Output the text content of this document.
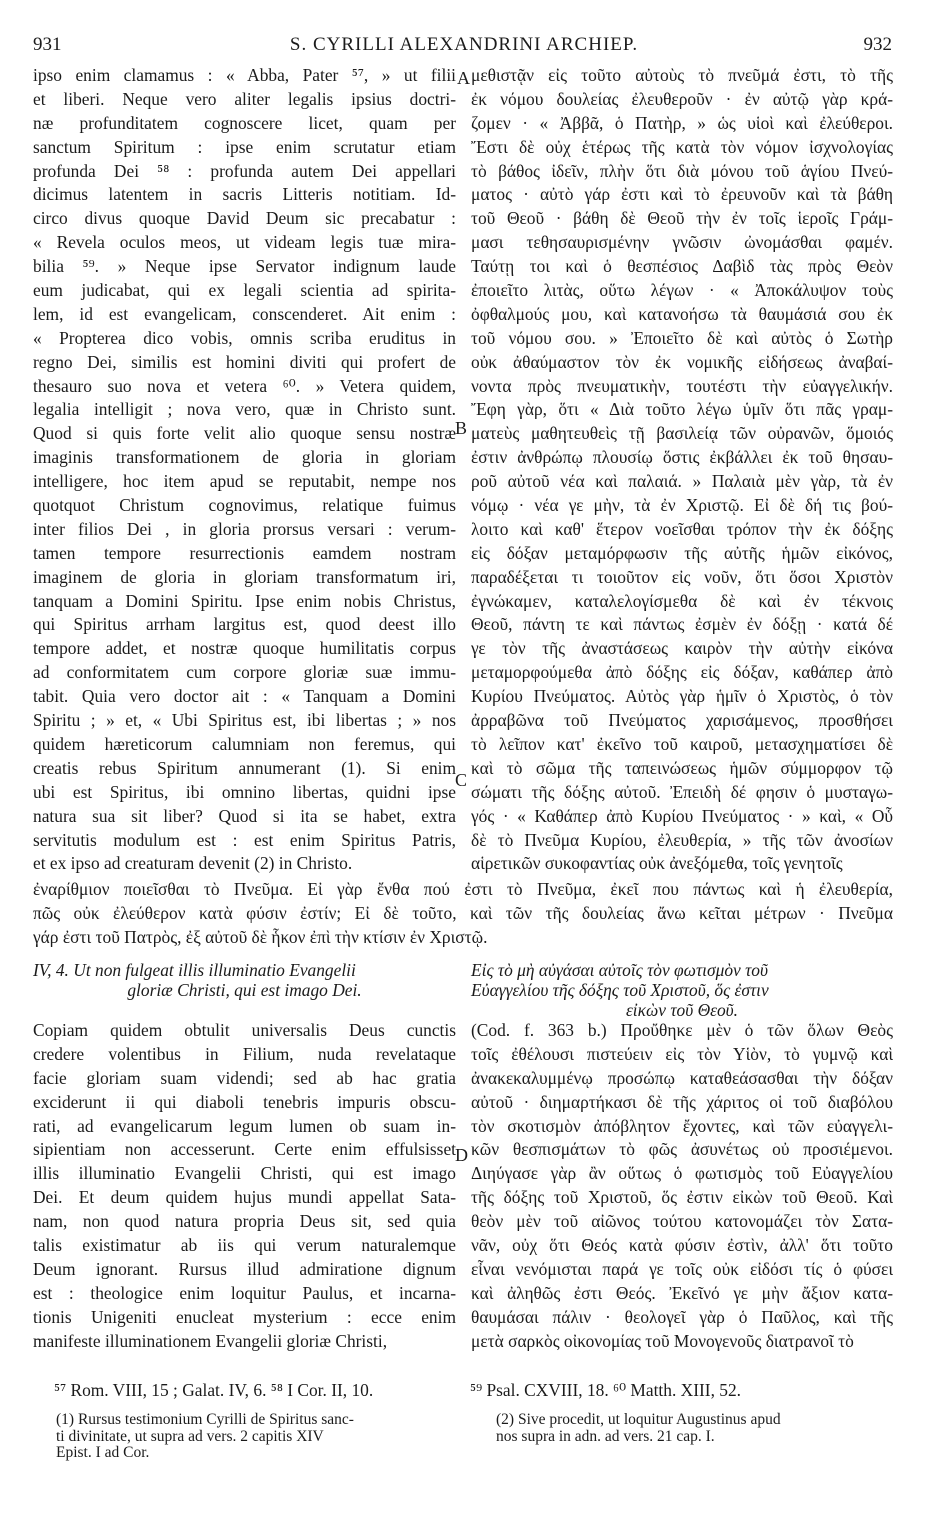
931	S. CYRILLI ALEXANDRINI ARCHIEP.	932
ipso enim clamamus : « Abba, Pater ⁵⁷, » ut filii
et liberi. Neque vero aliter legalis ipsius doctri-
næ profunditatem cognoscere licet, quam per
sanctum Spiritum : ipse enim scrutatur etiam
profunda Dei ⁵⁸ : profunda autem Dei appellari
dicimus latentem in sacris Litteris notitiam. Id-
circo divus quoque David Deum sic precabatur :
« Revela oculos meos, ut videam legis tuæ mira-
bilia ⁵⁹. » Neque ipse Servator indignum laude
eum judicabat, qui ex legali scientia ad spirita-
lem, id est evangelicam, conscenderet. Ait enim :
« Propterea dico vobis, omnis scriba eruditus in
regno Dei, similis est homini diviti qui profert de
thesauro suo nova et vetera ⁶⁰. » Vetera quidem,
legalia intelligit ; nova vero, quæ in Christo sunt.
Quod si quis forte velit alio quoque sensu nostræ
imaginis transformationem de gloria in gloriam
intelligere, hoc item apud se reputabit, nempe nos
quotquot Christum cognovimus, relatique fuimus
inter filios Dei , in gloria prorsus versari : verum-
tamen tempore resurrectionis eamdem nostram
imaginem de gloria in gloriam transformatum iri,
tanquam a Domini Spiritu. Ipse enim nobis Christus,
qui Spiritus arrham largitus est, quod deest illo
tempore addet, et nostræ quoque humilitatis corpus
ad conformitatem cum corpore gloriæ suæ immu-
tabit. Quia vero doctor ait : « Tanquam a Domini
Spiritu ; » et, « Ubi Spiritus est, ibi libertas ; » nos
quidem hæreticorum calumniam non feremus, qui
creatis rebus Spiritum annumerant (1). Si enim
ubi est Spiritus, ibi omnino libertas, quidni ipse
natura sua sit liber? Quod si ita se habet, extra
servitutis modulum est : est enim Spiritus Patris,
et ex ipso ad creaturam devenit (2) in Christo.
μεθιστᾷν εἰς τοῦτο αὐτοὺς τὸ πνεῦμά ἐστι, τὸ τῆς
ἐκ νόμου δουλείας ἐλευθεροῦν · ἐν αὐτῷ γὰρ κρά-
ζομεν · « Ἀββᾶ, ὁ Πατὴρ, » ὡς υἱοὶ καὶ ἐλεύθεροι.
Ἔστι δὲ οὐχ ἑτέρως τῆς κατὰ τὸν νόμον ἰσχνολογίας
τὸ βάθος ἰδεῖν, πλὴν ὅτι διὰ μόνου τοῦ ἁγίου Πνεύ-
ματος · αὐτὸ γάρ ἐστι καὶ τὸ ἐρευνοῦν καὶ τὰ βάθη
τοῦ Θεοῦ · βάθη δὲ Θεοῦ τὴν ἐν τοῖς ἱεροῖς Γράμ-
μασι τεθησαυρισμένην γνῶσιν ὠνομάσθαι φαμέν.
Ταύτῃ τοι καὶ ὁ θεσπέσιος Δαβὶδ τὰς πρὸς Θεὸν
ἐποιεῖτο λιτὰς, οὕτω λέγων · « Ἀποκάλυψον τοὺς
ὀφθαλμούς μου, καὶ κατανοήσω τὰ θαυμάσιά σου ἐκ
τοῦ νόμου σου. » Ἐποιεῖτο δὲ καὶ αὐτὸς ὁ Σωτὴρ
οὐκ ἀθαύμαστον τὸν ἐκ νομικῆς εἰδήσεως ἀναβαί-
νοντα πρὸς πνευματικὴν, τουτέστι τὴν εὐαγγελικήν.
Ἔφη γὰρ, ὅτι « Διὰ τοῦτο λέγω ὑμῖν ὅτι πᾶς γραμ-
ματεὺς μαθητευθεὶς τῇ βασιλείᾳ τῶν οὐρανῶν, ὅμοιός
ἐστιν ἀνθρώπῳ πλουσίῳ ὅστις ἐκβάλλει ἐκ τοῦ θησαυ-
ροῦ αὐτοῦ νέα καὶ παλαιά. » Παλαιὰ μὲν γὰρ, τὰ ἐν
νόμῳ · νέα γε μὴν, τὰ ἐν Χριστῷ. Εἰ δὲ δή τις βού-
λοιτο καὶ καθ' ἕτερον νοεῖσθαι τρόπον τὴν ἐκ δόξης
εἰς δόξαν μεταμόρφωσιν τῆς αὐτῆς ἡμῶν εἰκόνος,
παραδέξεται τι τοιοῦτον εἰς νοῦν, ὅτι ὅσοι Χριστὸν
ἐγνώκαμεν, καταλελογίσμεθα δὲ καὶ ἐν τέκνοις
Θεοῦ, πάντη τε καὶ πάντως ἐσμὲν ἐν δόξῃ · κατά δέ
γε τὸν τῆς ἀναστάσεως καιρὸν τὴν αὐτὴν εἰκόνα
μεταμορφούμεθα ἀπὸ δόξης εἰς δόξαν, καθάπερ ἀπὸ
Κυρίου Πνεύματος. Αὐτὸς γὰρ ἡμῖν ὁ Χριστὸς, ὁ τὸν
ἀρραβῶνα τοῦ Πνεύματος χαρισάμενος, προσθήσει
τὸ λεῖπον κατ' ἐκεῖνο τοῦ καιροῦ, μετασχηματίσει δὲ
καὶ τὸ σῶμα τῆς ταπεινώσεως ἡμῶν σύμμορφον τῷ
σώματι τῆς δόξης αὐτοῦ. Ἐπειδὴ δέ φησιν ὁ μυσταγω-
γός · « Καθάπερ ἀπὸ Κυρίου Πνεύματος · » καὶ, « Οὗ
δὲ τὸ Πνεῦμα Κυρίου, ἐλευθερία, » τῆς τῶν ἀνοσίων
αἱρετικῶν συκοφαντίας οὐκ ἀνεξόμεθα, τοῖς γενητοῖς
A
B
C
D
ἐναρίθμιον ποιεῖσθαι τὸ Πνεῦμα. Εἰ γὰρ ἔνθα πού ἐστι τὸ Πνεῦμα, ἐκεῖ που πάντως καὶ ἡ ἐλευθερία,
πῶς οὐκ ἐλεύθερον κατὰ φύσιν ἐστίν; Εἰ δὲ τοῦτο, καὶ τῶν τῆς δουλείας ἄνω κεῖται μέτρων · Πνεῦμα
γάρ ἐστι τοῦ Πατρὸς, ἐξ αὐτοῦ δὲ ἧκον ἐπὶ τὴν κτίσιν ἐν Χριστῷ.
IV, 4. Ut non fulgeat illis illuminatio Evangelii
gloriæ Christi, qui est imago Dei.
Εἰς τὸ μὴ αὐγάσαι αὐτοῖς τὸν φωτισμὸν τοῦ
Εὐαγγελίου τῆς δόξης τοῦ Χριστοῦ, ὅς ἐστιν
εἰκὼν τοῦ Θεοῦ.
Copiam quidem obtulit universalis Deus cunctis
credere volentibus in Filium, nuda revelataque
facie gloriam suam videndi; sed ab hac gratia
exciderunt ii qui diaboli tenebris impuris obscu-
rati, ad evangelicarum legum lumen ob suam in-
sipientiam non accesserunt. Certe enim effulsisset
illis illuminatio Evangelii Christi, qui est imago
Dei. Et deum quidem hujus mundi appellat Sata-
nam, non quod natura propria Deus sit, sed quia
talis existimatur ab iis qui verum naturalemque
Deum ignorant. Rursus illud admiratione dignum
est : theologice enim loquitur Paulus, et incarna-
tionis Unigeniti enucleat mysterium : ecce enim
manifeste illuminationem Evangelii gloriæ Christi,
(Cod. f. 363 b.) Προὔθηκε μὲν ὁ τῶν ὅλων Θεὸς
τοῖς ἐθέλουσι πιστεύειν εἰς τὸν Υἱὸν, τὸ γυμνῷ καὶ
ἀνακεκαλυμμένῳ προσώπῳ καταθεάσασθαι τὴν δόξαν
αὐτοῦ · διημαρτήκασι δὲ τῆς χάριτος οἱ τοῦ διαβόλου
τὸν σκοτισμὸν ἀπόβλητον ἔχοντες, καὶ τῶν εὐαγγελι-
κῶν θεσπισμάτων τὸ φῶς ἀσυνέτως οὐ προσιέμενοι.
Διηύγασε γὰρ ἂν οὕτως ὁ φωτισμὸς τοῦ Εὐαγγελίου
τῆς δόξης τοῦ Χριστοῦ, ὅς ἐστιν εἰκὼν τοῦ Θεοῦ. Καὶ
θεὸν μὲν τοῦ αἰῶνος τούτου κατονομάζει τὸν Σατα-
νᾶν, οὐχ ὅτι Θεός κατὰ φύσιν ἐστὶν, ἀλλ' ὅτι τοῦτο
εἶναι νενόμισται παρά γε τοῖς οὐκ εἰδόσι τίς ὁ φύσει
καὶ ἀληθῶς ἐστι Θεός. Ἐκεῖνό γε μὴν ἄξιον κατα-
θαυμάσαι πάλιν · θεολογεῖ γὰρ ὁ Παῦλος, καὶ τῆς
μετὰ σαρκὸς οἰκονομίας τοῦ Μονογενοῦς διατρανοῖ τὸ
⁵⁷ Rom. VIII, 15 ; Galat. IV, 6. ⁵⁸ I Cor. II, 10.	⁵⁹ Psal. CXVIII, 18. ⁶⁰ Matth. XIII, 52.
(1) Rursus testimonium Cyrilli de Spiritus sanc-
ti divinitate, ut supra ad vers. 2 capitis XIV
Epist. I ad Cor.
(2) Sive procedit, ut loquitur Augustinus apud
nos supra in adn. ad vers. 21 cap. I.
